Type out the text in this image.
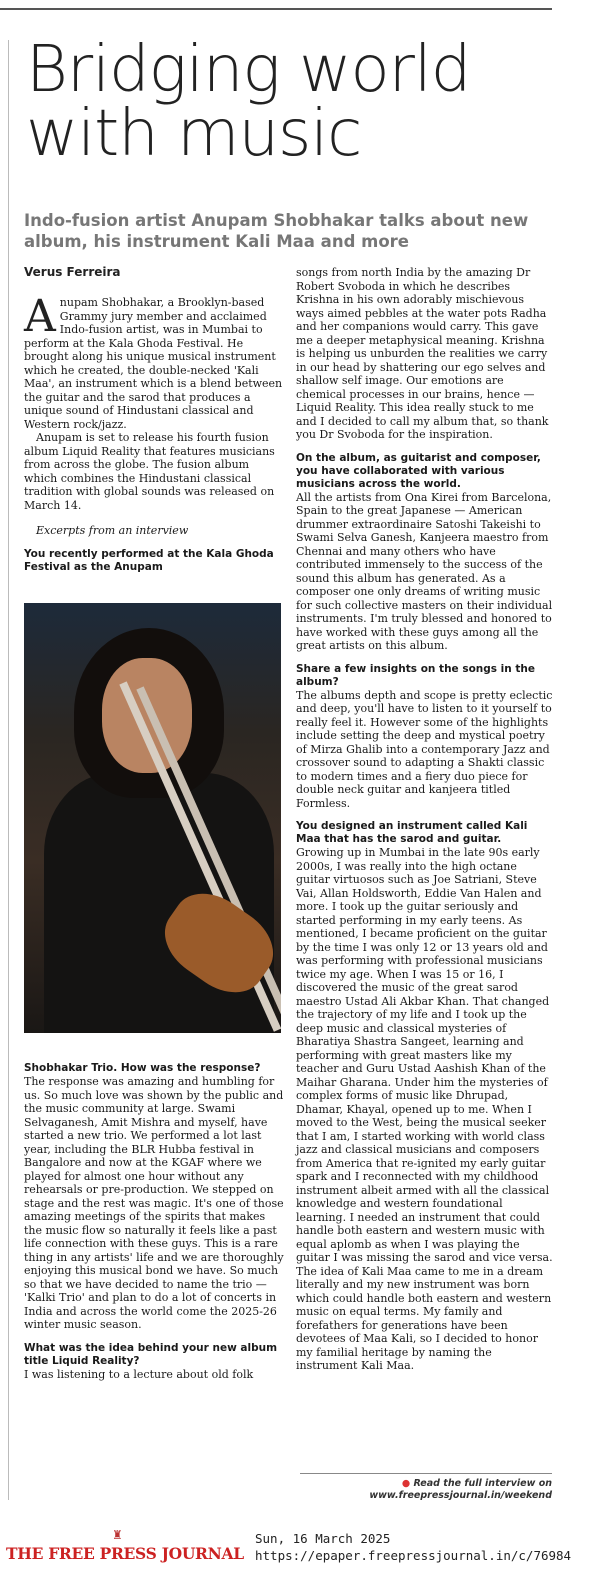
Bridging world with music

Indo-fusion artist Anupam Shobhakar talks about new album, his instrument Kali Maa and more

Verus Ferreira

Anupam Shobhakar, a Brooklyn-based Grammy jury member and acclaimed Indo-fusion artist, was in Mumbai to perform at the Kala Ghoda Festival. He brought along his unique musical instrument which he created, the double-necked 'Kali Maa', an instrument which is a blend between the guitar and the sarod that produces a unique sound of Hindustani classical and Western rock/jazz.

Anupam is set to release his fourth fusion album Liquid Reality that features musicians from across the globe. The fusion album which combines the Hindustani classical tradition with global sounds was released on March 14.

Excerpts from an interview

You recently performed at the Kala Ghoda Festival as the Anupam

Shobhakar Trio. How was the response?

The response was amazing and humbling for us. So much love was shown by the public and the music community at large. Swami Selvaganesh, Amit Mishra and myself, have started a new trio. We performed a lot last year, including the BLR Hubba festival in Bangalore and now at the KGAF where we played for almost one hour without any rehearsals or pre-production. We stepped on stage and the rest was magic. It's one of those amazing meetings of the spirits that makes the music flow so naturally it feels like a past life connection with these guys. This is a rare thing in any artists' life and we are thoroughly enjoying this musical bond we have. So much so that we have decided to name the trio — 'Kalki Trio' and plan to do a lot of concerts in India and across the world come the 2025-26 winter music season.

What was the idea behind your new album title Liquid Reality?

I was listening to a lecture about old folk

songs from north India by the amazing Dr Robert Svoboda in which he describes Krishna in his own adorably mischievous ways aimed pebbles at the water pots Radha and her companions would carry. This gave me a deeper metaphysical meaning. Krishna is helping us unburden the realities we carry in our head by shattering our ego selves and shallow self image. Our emotions are chemical processes in our brains, hence — Liquid Reality. This idea really stuck to me and I decided to call my album that, so thank you Dr Svoboda for the inspiration.

On the album, as guitarist and composer, you have collaborated with various musicians across the world.

All the artists from Ona Kirei from Barcelona, Spain to the great Japanese — American drummer extraordinaire Satoshi Takeishi to Swami Selva Ganesh, Kanjeera maestro from Chennai and many others who have contributed immensely to the success of the sound this album has generated. As a composer one only dreams of writing music for such collective masters on their individual instruments. I'm truly blessed and honored to have worked with these guys among all the great artists on this album.

Share a few insights on the songs in the album?

The albums depth and scope is pretty eclectic and deep, you'll have to listen to it yourself to really feel it. However some of the highlights include setting the deep and mystical poetry of Mirza Ghalib into a contemporary Jazz and crossover sound to adapting a Shakti classic to modern times and a fiery duo piece for double neck guitar and kanjeera titled Formless.

You designed an instrument called Kali Maa that has the sarod and guitar.

Growing up in Mumbai in the late 90s early 2000s, I was really into the high octane guitar virtuosos such as Joe Satriani, Steve Vai, Allan Holdsworth, Eddie Van Halen and more. I took up the guitar seriously and started performing in my early teens. As mentioned, I became proficient on the guitar by the time I was only 12 or 13 years old and was performing with professional musicians twice my age. When I was 15 or 16, I discovered the music of the great sarod maestro Ustad Ali Akbar Khan. That changed the trajectory of my life and I took up the deep music and classical mysteries of Bharatiya Shastra Sangeet, learning and performing with great masters like my teacher and Guru Ustad Aashish Khan of the Maihar Gharana. Under him the mysteries of complex forms of music like Dhrupad, Dhamar, Khayal, opened up to me. When I moved to the West, being the musical seeker that I am, I started working with world class jazz and classical musicians and composers from America that re-ignited my early guitar spark and I reconnected with my childhood instrument albeit armed with all the classical knowledge and western foundational learning. I needed an instrument that could handle both eastern and western music with equal aplomb as when I was playing the guitar I was missing the sarod and vice versa. The idea of Kali Maa came to me in a dream literally and my new instrument was born which could handle both eastern and western music on equal terms. My family and forefathers for generations have been devotees of Maa Kali, so I decided to honor my familial heritage by naming the instrument Kali Maa.

● Read the full interview on
www.freepressjournal.in/weekend
♜
THE FREE PRESS JOURNAL
Sun, 16 March 2025
https://epaper.freepressjournal.in/c/76984
